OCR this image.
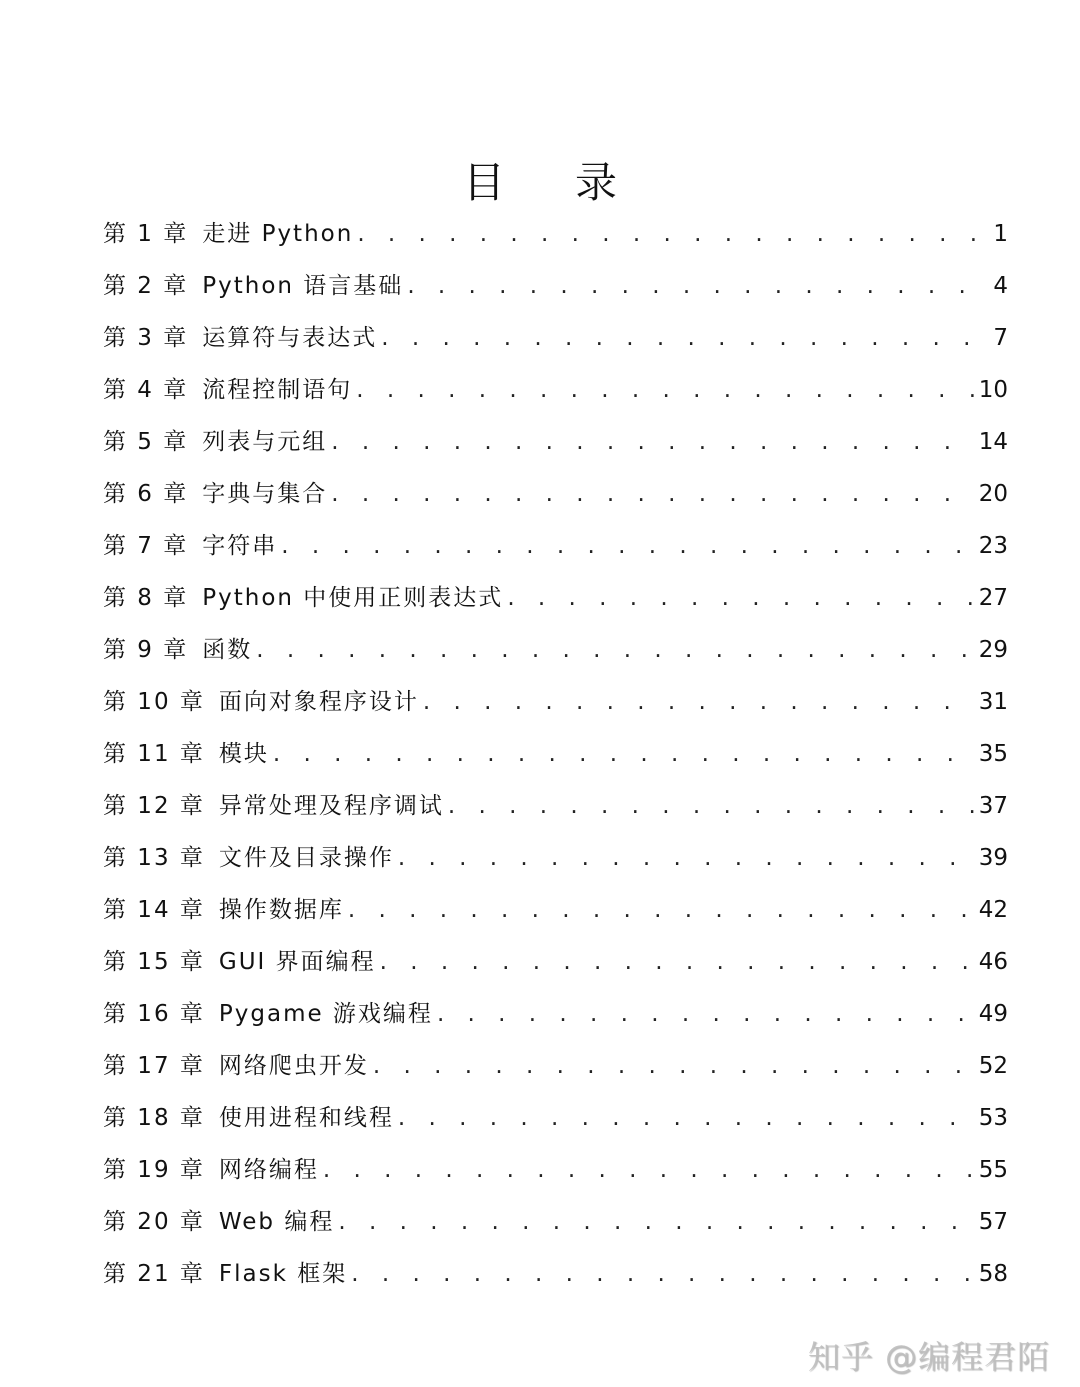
目录
第 1 章 走进 Python . . .	1
第 2 章 Python 语言基础 . . .	4
第 3 章 运算符与表达式 . . .	7
第 4 章 流程控制语句 . . .	10
第 5 章 列表与元组 . . .	14
第 6 章 字典与集合 . . .	20
第 7 章 字符串 . . .	23
第 8 章 Python 中使用正则表达式 . . .	27
第 9 章 函数 . . .	29
第 10 章 面向对象程序设计 . . .	31
第 11 章 模块 . . .	35
第 12 章 异常处理及程序调试 . . .	37
第 13 章 文件及目录操作 . . .	39
第 14 章 操作数据库 . . .	42
第 15 章 GUI 界面编程 . . .	46
第 16 章 Pygame 游戏编程 . . .	49
第 17 章 网络爬虫开发 . . .	52
第 18 章 使用进程和线程 . . .	53
第 19 章 网络编程 . . .	55
第 20 章 Web 编程 . . .	57
第 21 章 Flask 框架 . . .	58
知乎 @编程君陌
